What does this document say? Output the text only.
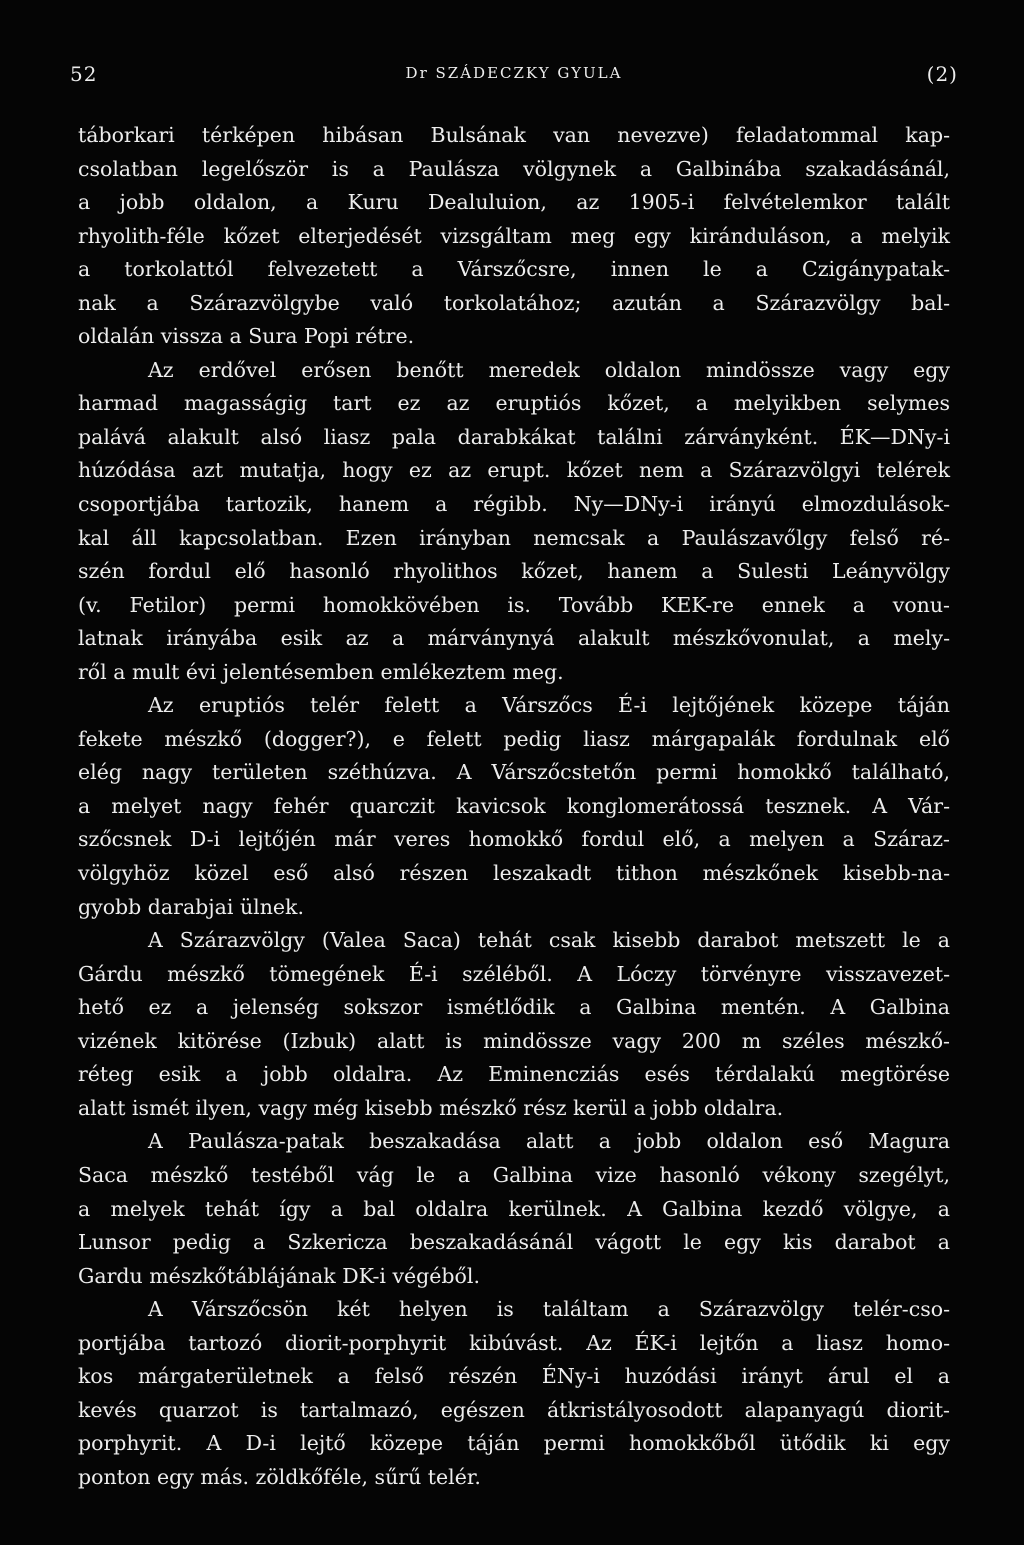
52	Dr SZÁDECZKY GYULA	(2)
táborkari térképen hibásan Bulsának van nevezve) feladatommal kap-
csolatban legelőször is a Paulásza völgynek a Galbinába szakadásánál,
a jobb oldalon, a Kuru Dealuluion, az 1905-i felvételemkor talált
rhyolith-féle kőzet elterjedését vizsgáltam meg egy kiránduláson, a melyik
a torkolattól felvezetett a Várszőcsre, innen le a Czigánypatak-
nak a Szárazvölgybe való torkolatához; azután a Szárazvölgy bal-
oldalán vissza a Sura Popi rétre.
Az erdővel erősen benőtt meredek oldalon mindössze vagy egy
harmad magasságig tart ez az eruptiós kőzet, a melyikben selymes
palává alakult alsó liasz pala darabkákat találni zárványként. ÉK—DNy-i
húzódása azt mutatja, hogy ez az erupt. kőzet nem a Szárazvölgyi telérek
csoportjába tartozik, hanem a régibb. Ny—DNy-i irányú elmozdulások-
kal áll kapcsolatban. Ezen irányban nemcsak a Paulászavőlgy felső ré-
szén fordul elő hasonló rhyolithos kőzet, hanem a Sulesti Leányvölgy
(v. Fetilor) permi homokkövében is. Tovább KEK-re ennek a vonu-
latnak irányába esik az a márványnyá alakult mészkővonulat, a mely-
ről a mult évi jelentésemben emlékeztem meg.
Az eruptiós telér felett a Várszőcs É-i lejtőjének közepe táján
fekete mészkő (dogger?), e felett pedig liasz márgapalák fordulnak elő
elég nagy területen széthúzva. A Várszőcstetőn permi homokkő található,
a melyet nagy fehér quarczit kavicsok konglomerátossá tesznek. A Vár-
szőcsnek D-i lejtőjén már veres homokkő fordul elő, a melyen a Száraz-
völgyhöz közel eső alsó részen leszakadt tithon mészkőnek kisebb-na-
gyobb darabjai ülnek.
A Szárazvölgy (Valea Saca) tehát csak kisebb darabot metszett le a
Gárdu mészkő tömegének É-i széléből. A Lóczy törvényre visszavezet-
hető ez a jelenség sokszor ismétlődik a Galbina mentén. A Galbina
vizének kitörése (Izbuk) alatt is mindössze vagy 200 m széles mészkő-
réteg esik a jobb oldalra. Az Eminencziás esés térdalakú megtörése
alatt ismét ilyen, vagy még kisebb mészkő rész kerül a jobb oldalra.
A Paulásza-patak beszakadása alatt a jobb oldalon eső Magura
Saca mészkő testéből vág le a Galbina vize hasonló vékony szegélyt,
a melyek tehát így a bal oldalra kerülnek. A Galbina kezdő völgye, a
Lunsor pedig a Szkericza beszakadásánál vágott le egy kis darabot a
Gardu mészkőtáblájának DK-i végéből.
A Várszőcsön két helyen is találtam a Szárazvölgy telér-cso-
portjába tartozó diorit-porphyrit kibúvást. Az ÉK-i lejtőn a liasz homo-
kos márgaterületnek a felső részén ÉNy-i huzódási irányt árul el a
kevés quarzot is tartalmazó, egészen átkristályosodott alapanyagú diorit-
porphyrit. A D-i lejtő közepe táján permi homokkőből ütődik ki egy
ponton egy más. zöldkőféle, sűrű telér.
